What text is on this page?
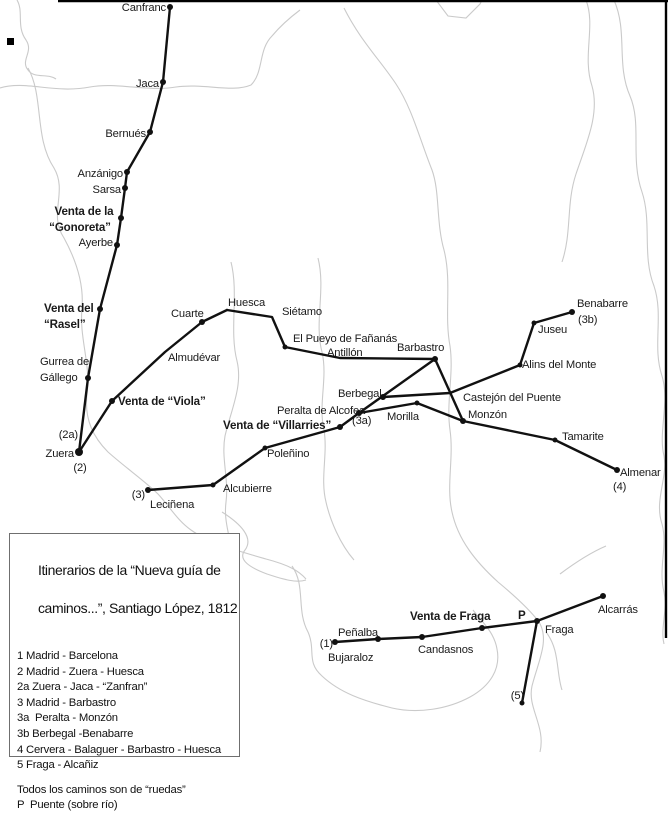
Canfranc
Jaca
Bernués
Anzánigo
Sarsa
Venta de la
“Gonoreta”
Ayerbe
Venta del
“Rasel”
Gurrea de
Gállego
(2a)
Zuera
(2)
Venta de “Viola”
Cuarte
Huesca
Siétamo
Almudévar
El Pueyo de Fañanás
Antillón	Barbastro
Berbegal	Castejón del Puente
Monzón
Morilla
(3a)
Peralta de Alcofea
Venta de “Villarries”
Poleñino
Alcubierre
(3)
Leciñena
Juseu
Benabarre
(3b)
Alins del Monte
Tamarite
Almenar
(4)
Peñalba
(1)
Bujaraloz
Candasnos
Venta de Fraga P
Fraga
Alcarrás
(5)

Itinerarios de la “Nueva guía de

caminos...”, Santiago López, 1812

1 Madrid - Barcelona
2 Madrid - Zuera - Huesca
2a Zuera - Jaca - “Zanfran”
3 Madrid - Barbastro
3a  Peralta - Monzón
3b Berbegal -Benabarre
4 Cervera - Balaguer - Barbastro - Huesca
5 Fraga - Alcañiz
Todos los caminos son de “ruedas”
P  Puente (sobre río)
